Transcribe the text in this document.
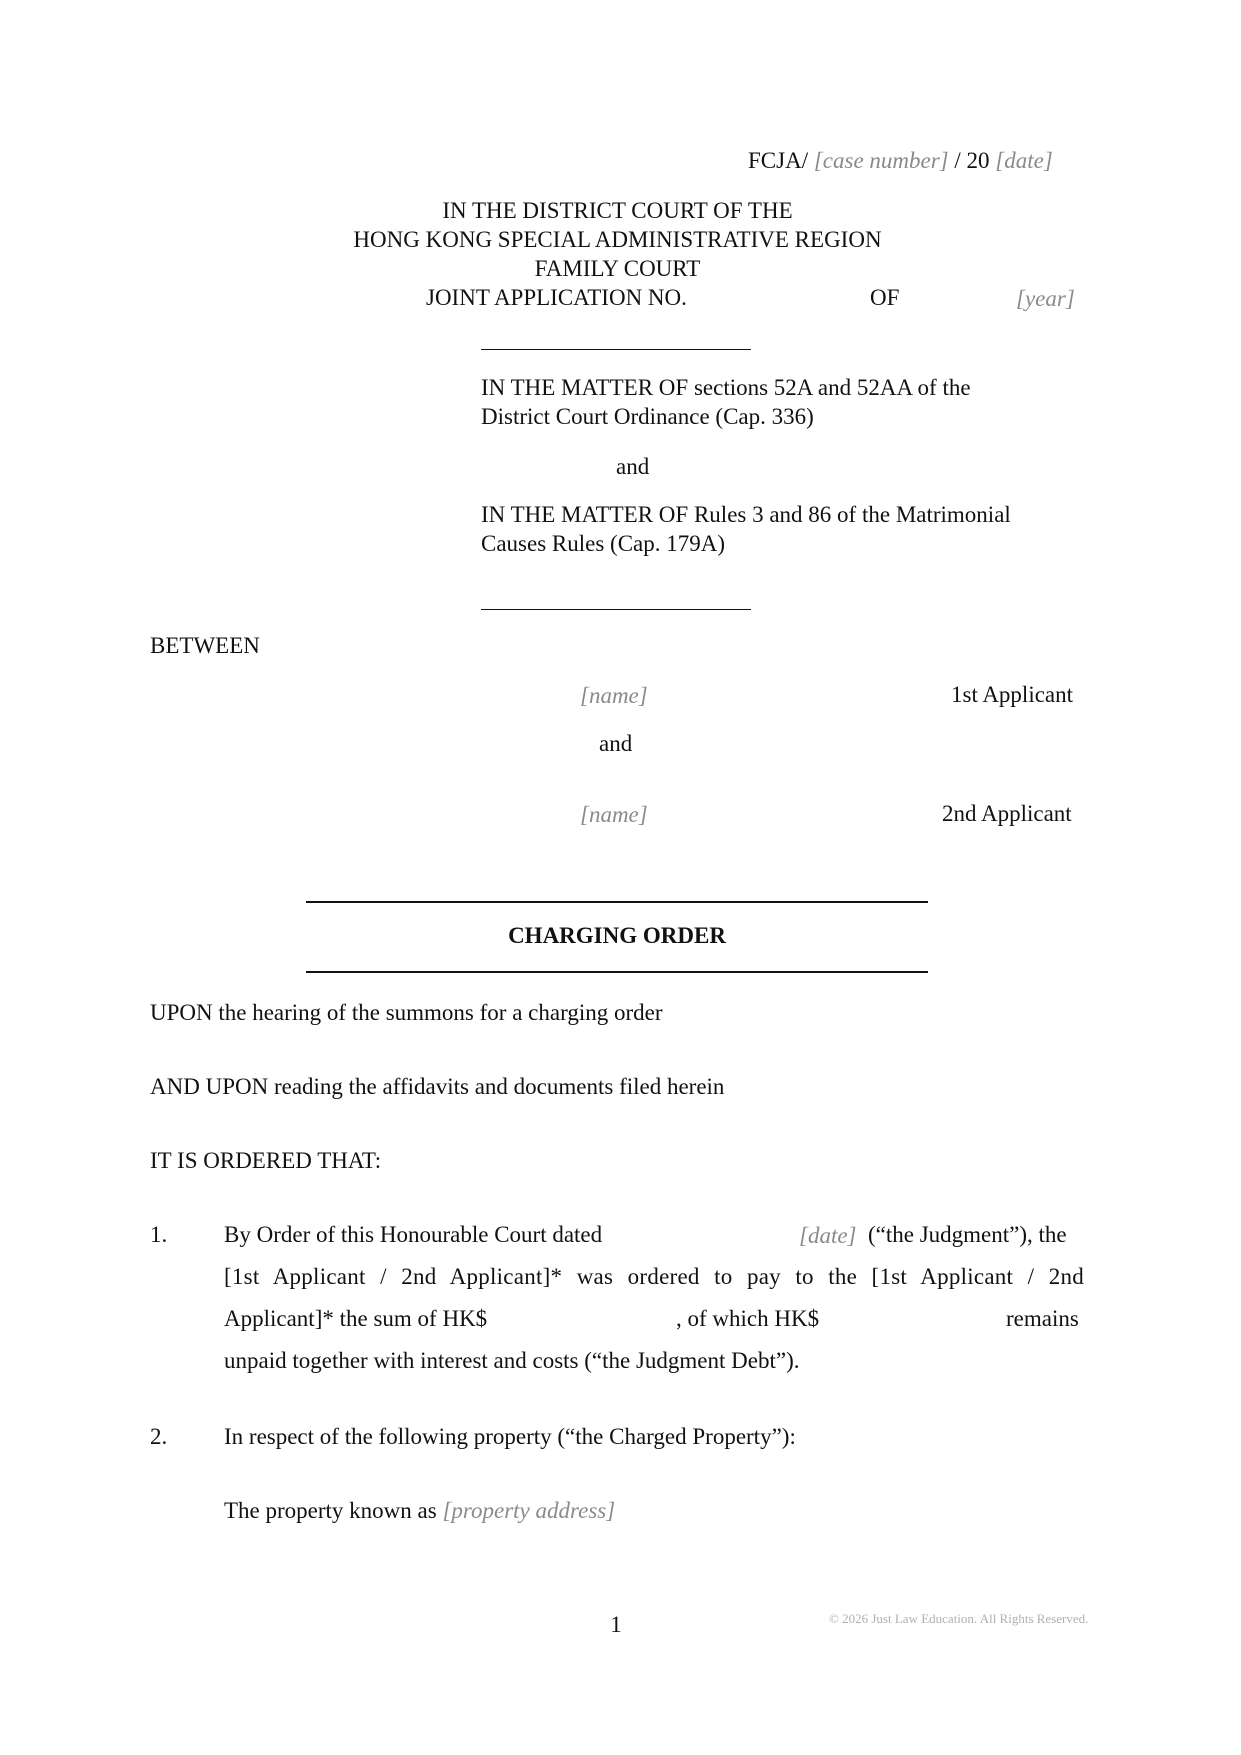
FCJA/ [case number] / 20 [date]
IN THE DISTRICT COURT OF THE
HONG KONG SPECIAL ADMINISTRATIVE REGION
FAMILY COURT
JOINT APPLICATION NO.	OF	[year]
IN THE MATTER OF sections 52A and 52AA of the
District Court Ordinance (Cap. 336)
and
IN THE MATTER OF Rules 3 and 86 of the Matrimonial
Causes Rules (Cap. 179A)
BETWEEN
[name]	1st Applicant
and
[name]	2nd Applicant
CHARGING ORDER
UPON the hearing of the summons for a charging order
AND UPON reading the affidavits and documents filed herein
IT IS ORDERED THAT:
1. By Order of this Honourable Court dated	[date] (“the Judgment”), the
[1st Applicant / 2nd Applicant]* was ordered to pay to the [1st Applicant / 2nd
Applicant]* the sum of HK$	, of which HK$	remains
unpaid together with interest and costs (“the Judgment Debt”).
2. In respect of the following property (“the Charged Property”):
The property known as [property address]
1	© 2026 Just Law Education. All Rights Reserved.
